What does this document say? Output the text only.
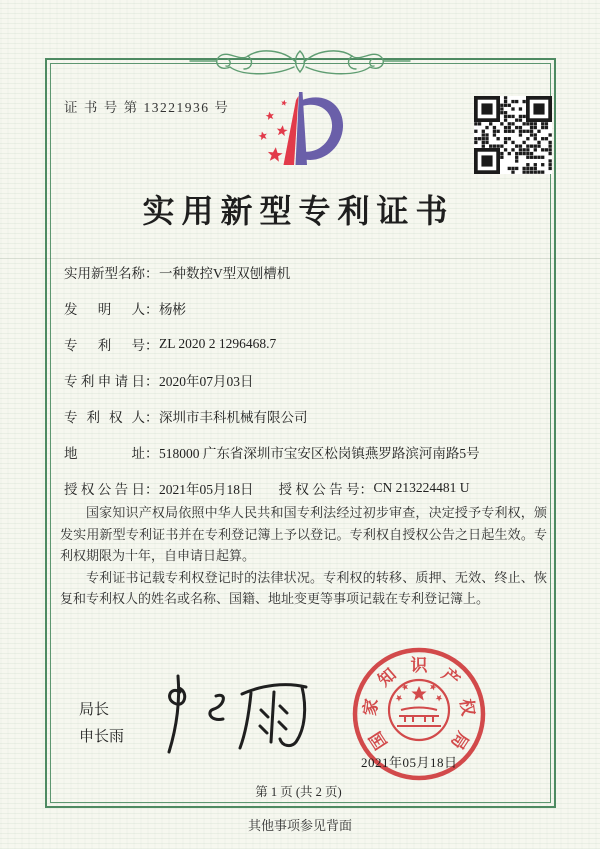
证 书 号 第 13221936 号
实用新型专利证书
实用新型名称 ： 一种数控V型双刨槽机
发明人 ： 杨彬
专利号 ： ZL 2020 2 1296468.7
专利申请日 ： 2020年07月03日
专利权人 ： 深圳市丰科机械有限公司
地址 ： 518000 广东省深圳市宝安区松岗镇燕罗路滨河南路5号
授权公告日 ： 2021年05月18日 授权公告号 ： CN 213224481 U

国家知识产权局依照中华人民共和国专利法经过初步审查，决定授予专利权，颁发实用新型专利证书并在专利登记簿上予以登记。专利权自授权公告之日起生效。专利权期限为十年，自申请日起算。

专利证书记载专利权登记时的法律状况。专利权的转移、质押、无效、终止、恢复和专利权人的姓名或名称、国籍、地址变更等事项记载在专利登记簿上。

局长
申长雨	国
家
知 识 产
权
局
2021年05月18日
第 1 页 (共 2 页)
其他事项参见背面
